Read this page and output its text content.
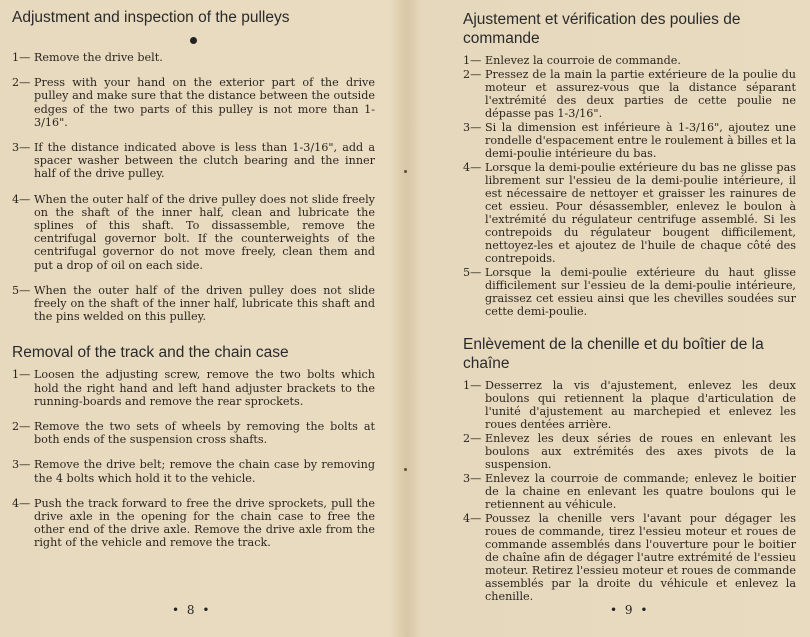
Adjustment and inspection of the pulleys
1— Remove the drive belt.
2— Press with your hand on the exterior part of the drive pulley and make sure that the distance between the outside edges of the two parts of this pulley is not more than 1-3/16".
3— If the distance indicated above is less than 1-3/16", add a spacer washer between the clutch bearing and the inner half of the drive pulley.
4— When the outer half of the drive pulley does not slide freely on the shaft of the inner half, clean and lubricate the splines of this shaft. To dissassemble, remove the centrifugal governor bolt. If the counterweights of the centrifugal governor do not move freely, clean them and put a drop of oil on each side.
5— When the outer half of the driven pulley does not slide freely on the shaft of the inner half, lubricate this shaft and the pins welded on this pulley.
Removal of the track and the chain case
1— Loosen the adjusting screw, remove the two bolts which hold the right hand and left hand adjuster brackets to the running-boards and remove the rear sprockets.
2— Remove the two sets of wheels by removing the bolts at both ends of the suspension cross shafts.
3— Remove the drive belt; remove the chain case by removing the 4 bolts which hold it to the vehicle.
4— Push the track forward to free the drive sprockets, pull the drive axle in the opening for the chain case to free the other end of the drive axle. Remove the drive axle from the right of the vehicle and remove the track.
• 8 •
Ajustement et vérification des poulies de commande
1— Enlevez la courroie de commande.
2— Pressez de la main la partie extérieure de la poulie du moteur et assurez-vous que la distance séparant l'extrémité des deux parties de cette poulie ne dépasse pas 1-3/16".
3— Si la dimension est inférieure à 1-3/16", ajoutez une rondelle d'espacement entre le roulement à billes et la demi-poulie intérieure du bas.
4— Lorsque la demi-poulie extérieure du bas ne glisse pas librement sur l'essieu de la demi-poulie intérieure, il est nécessaire de nettoyer et graisser les rainures de cet essieu. Pour désassembler, enlevez le boulon à l'extrémité du régulateur centrifuge assemblé. Si les contrepoids du régulateur bougent difficilement, nettoyez-les et ajoutez de l'huile de chaque côté des contrepoids.
5— Lorsque la demi-poulie extérieure du haut glisse difficilement sur l'essieu de la demi-poulie intérieure, graissez cet essieu ainsi que les chevilles soudées sur cette demi-poulie.
Enlèvement de la chenille et du boîtier de la chaîne
1— Desserrez la vis d'ajustement, enlevez les deux boulons qui retiennent la plaque d'articulation de l'unité d'ajustement au marchepied et enlevez les roues dentées arrière.
2— Enlevez les deux séries de roues en enlevant les boulons aux extrémités des axes pivots de la suspension.
3— Enlevez la courroie de commande; enlevez le boitier de la chaine en enlevant les quatre boulons qui le retiennent au véhicule.
4— Poussez la chenille vers l'avant pour dégager les roues de commande, tirez l'essieu moteur et roues de commande assemblés dans l'ouverture pour le boitier de chaîne afin de dégager l'autre extrémité de l'essieu moteur. Retirez l'essieu moteur et roues de commande assemblés par la droite du véhicule et enlevez la chenille.
• 9 •
